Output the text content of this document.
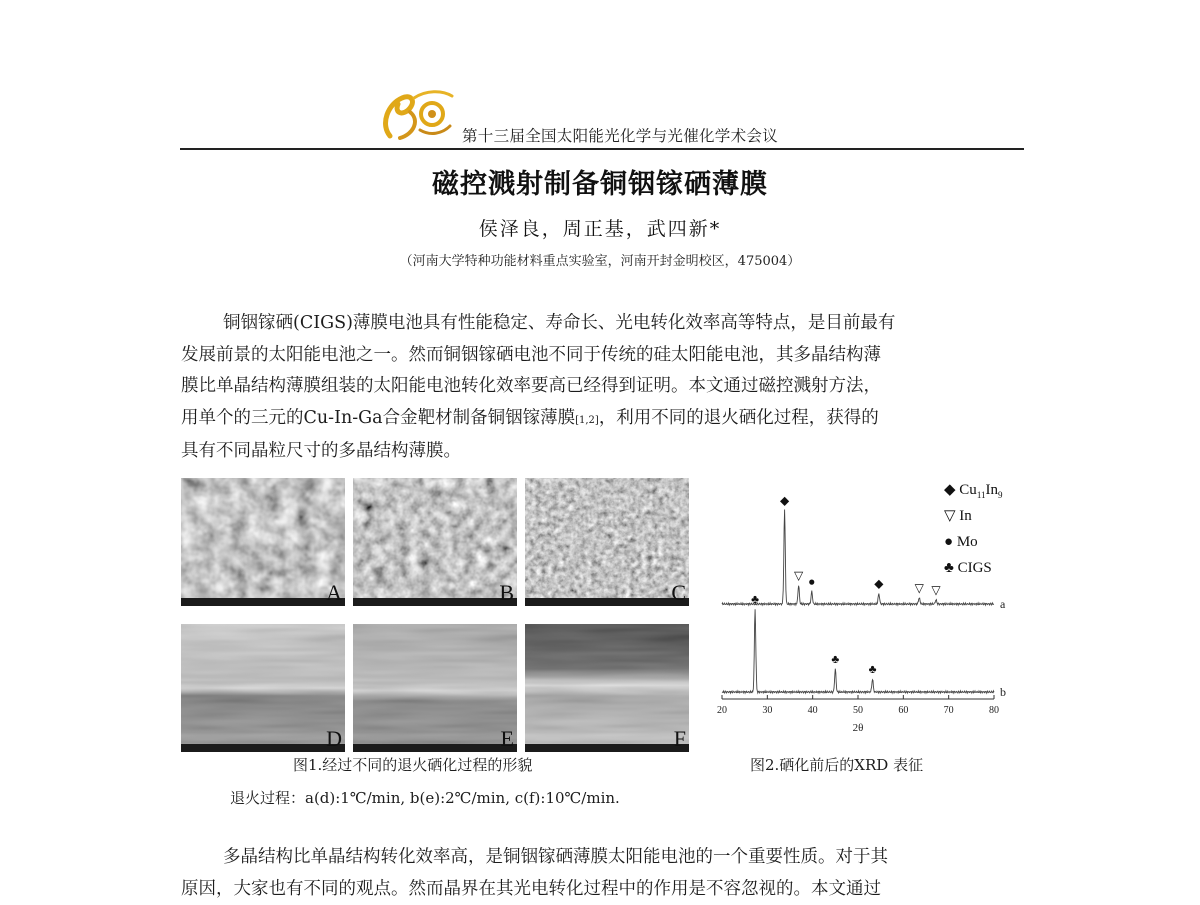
第十三届全国太阳能光化学与光催化学术会议
磁控溅射制备铜铟镓硒薄膜
侯泽良，周正基，武四新*
（河南大学特种功能材料重点实验室，河南开封金明校区，475004）
铜铟镓硒(CIGS)薄膜电池具有性能稳定、寿命长、光电转化效率高等特点，是目前最有
发展前景的太阳能电池之一。然而铜铟镓硒电池不同于传统的硅太阳能电池，其多晶结构薄
膜比单晶结构薄膜组装的太阳能电池转化效率要高已经得到证明。本文通过磁控溅射方法，
用单个的三元的Cu-In-Ga合金靶材制备铜铟镓薄膜[1,2]，利用不同的退火硒化过程，获得的
具有不同晶粒尺寸的多晶结构薄膜。
A	B	C
D	E	F
图1.经过不同的退火硒化过程的形貌
退火过程：a(d):1℃/min, b(e):2℃/min, c(f):10℃/min.
20	30	40	50	60	70	80
2θ
a
◆
▽ ●	◆	▽ ▽
b
♣
♣
♣
◆ $Cu_{11}In_9$
▽ In
● Mo
♣ CIGS
图2.硒化前后的XRD 表征
多晶结构比单晶结构转化效率高，是铜铟镓硒薄膜太阳能电池的一个重要性质。对于其
原因，大家也有不同的观点。然而晶界在其光电转化过程中的作用是不容忽视的。本文通过
